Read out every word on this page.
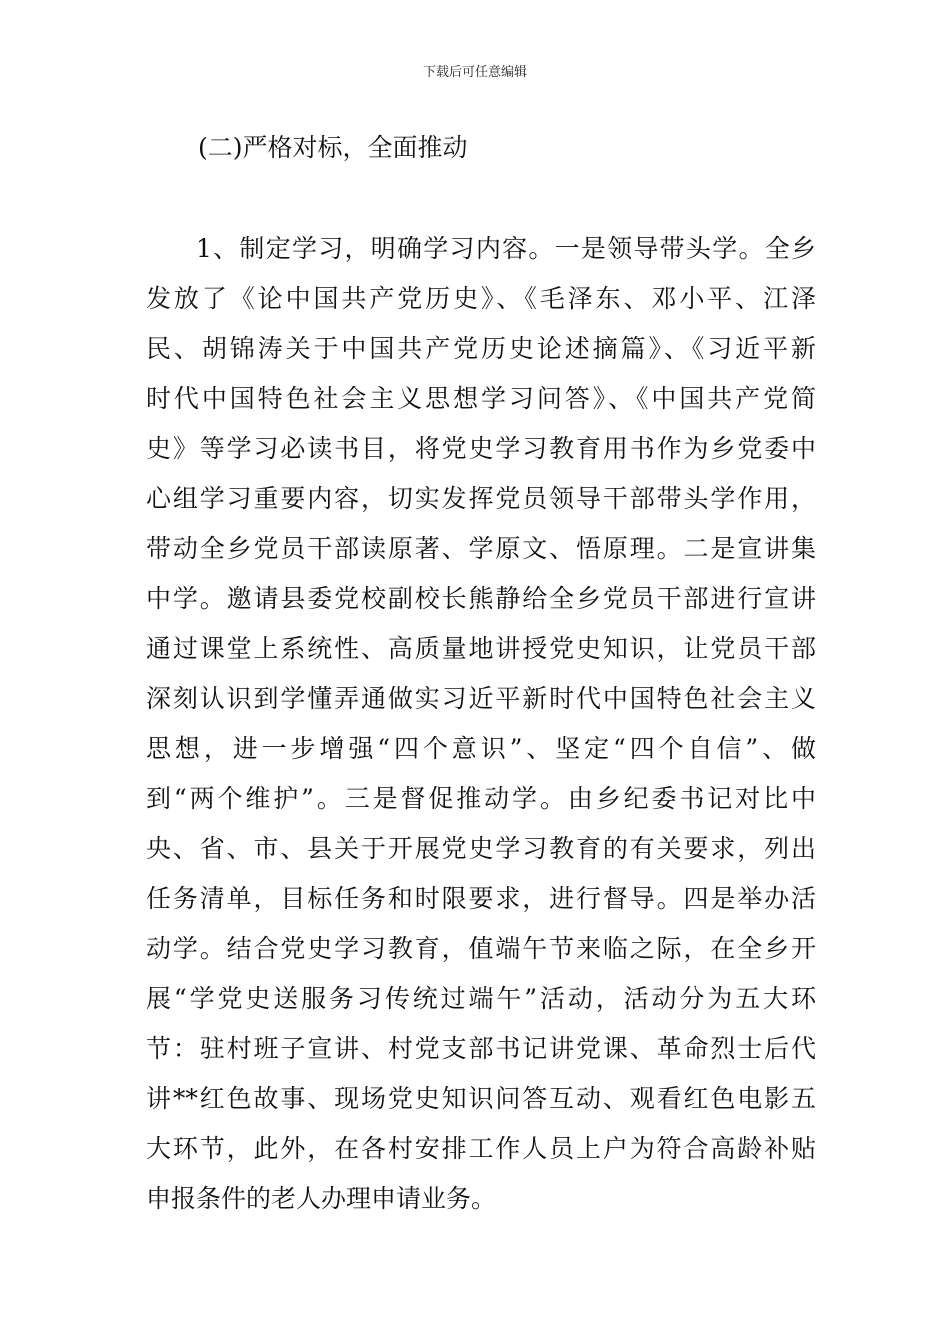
下载后可任意编辑
(二)严格对标，全面推动
1、制定学习，明确学习内容。一是领导带头学。全乡
发放了《论中国共产党历史》、《毛泽东、邓小平、江泽
民、胡锦涛关于中国共产党历史论述摘篇》、《习近平新
时代中国特色社会主义思想学习问答》、《中国共产党简
史》等学习必读书目，将党史学习教育用书作为乡党委中
心组学习重要内容，切实发挥党员领导干部带头学作用，
带动全乡党员干部读原著、学原文、悟原理。二是宣讲集
中学。邀请县委党校副校长熊静给全乡党员干部进行宣讲
通过课堂上系统性、高质量地讲授党史知识，让党员干部
深刻认识到学懂弄通做实习近平新时代中国特色社会主义
思想，进一步增强“四个意识”、坚定“四个自信”、做
到“两个维护”。三是督促推动学。由乡纪委书记对比中
央、省、市、县关于开展党史学习教育的有关要求，列出
任务清单，目标任务和时限要求，进行督导。四是举办活
动学。结合党史学习教育，值端午节来临之际，在全乡开
展“学党史送服务习传统过端午”活动，活动分为五大环
节：驻村班子宣讲、村党支部书记讲党课、革命烈士后代
讲**红色故事、现场党史知识问答互动、观看红色电影五
大环节，此外，在各村安排工作人员上户为符合高龄补贴
申报条件的老人办理申请业务。
